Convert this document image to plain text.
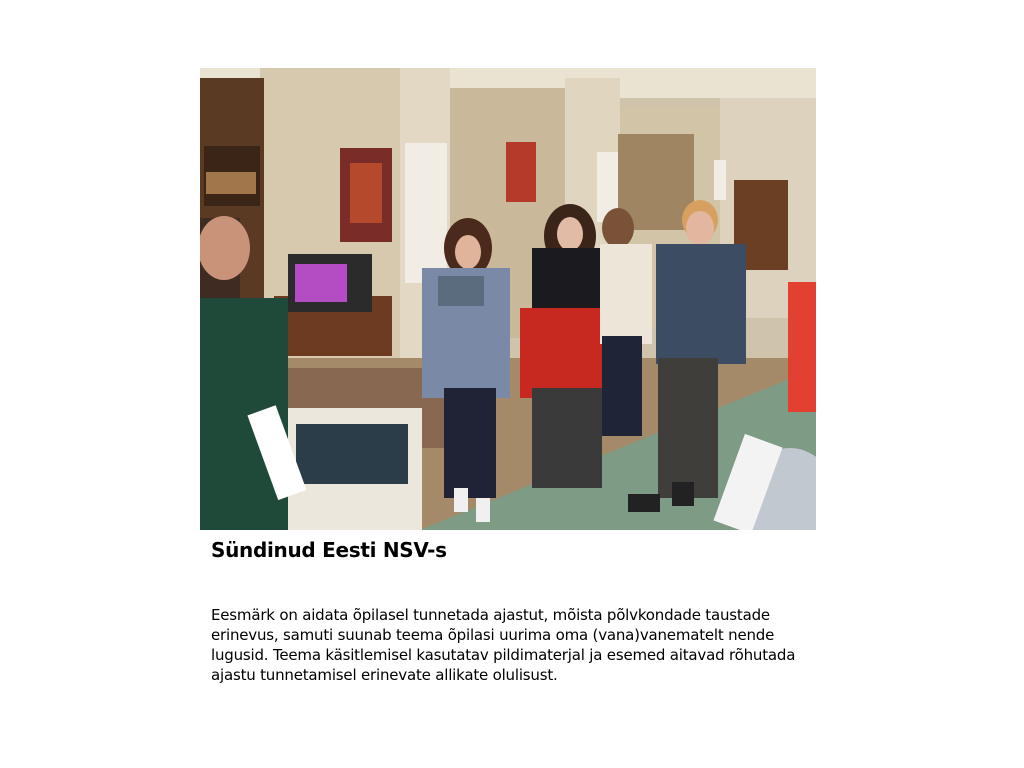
Sündinud Eesti NSV-s
Eesmärk on aidata õpilasel tunnetada ajastut, mõista põlvkondade taustade erinevus, samuti suunab teema õpilasi uurima oma (vana)vanematelt nende lugusid. Teema käsitlemisel kasutatav pildimaterjal ja esemed aitavad rõhutada ajastu tunnetamisel erinevate allikate olulisust.
